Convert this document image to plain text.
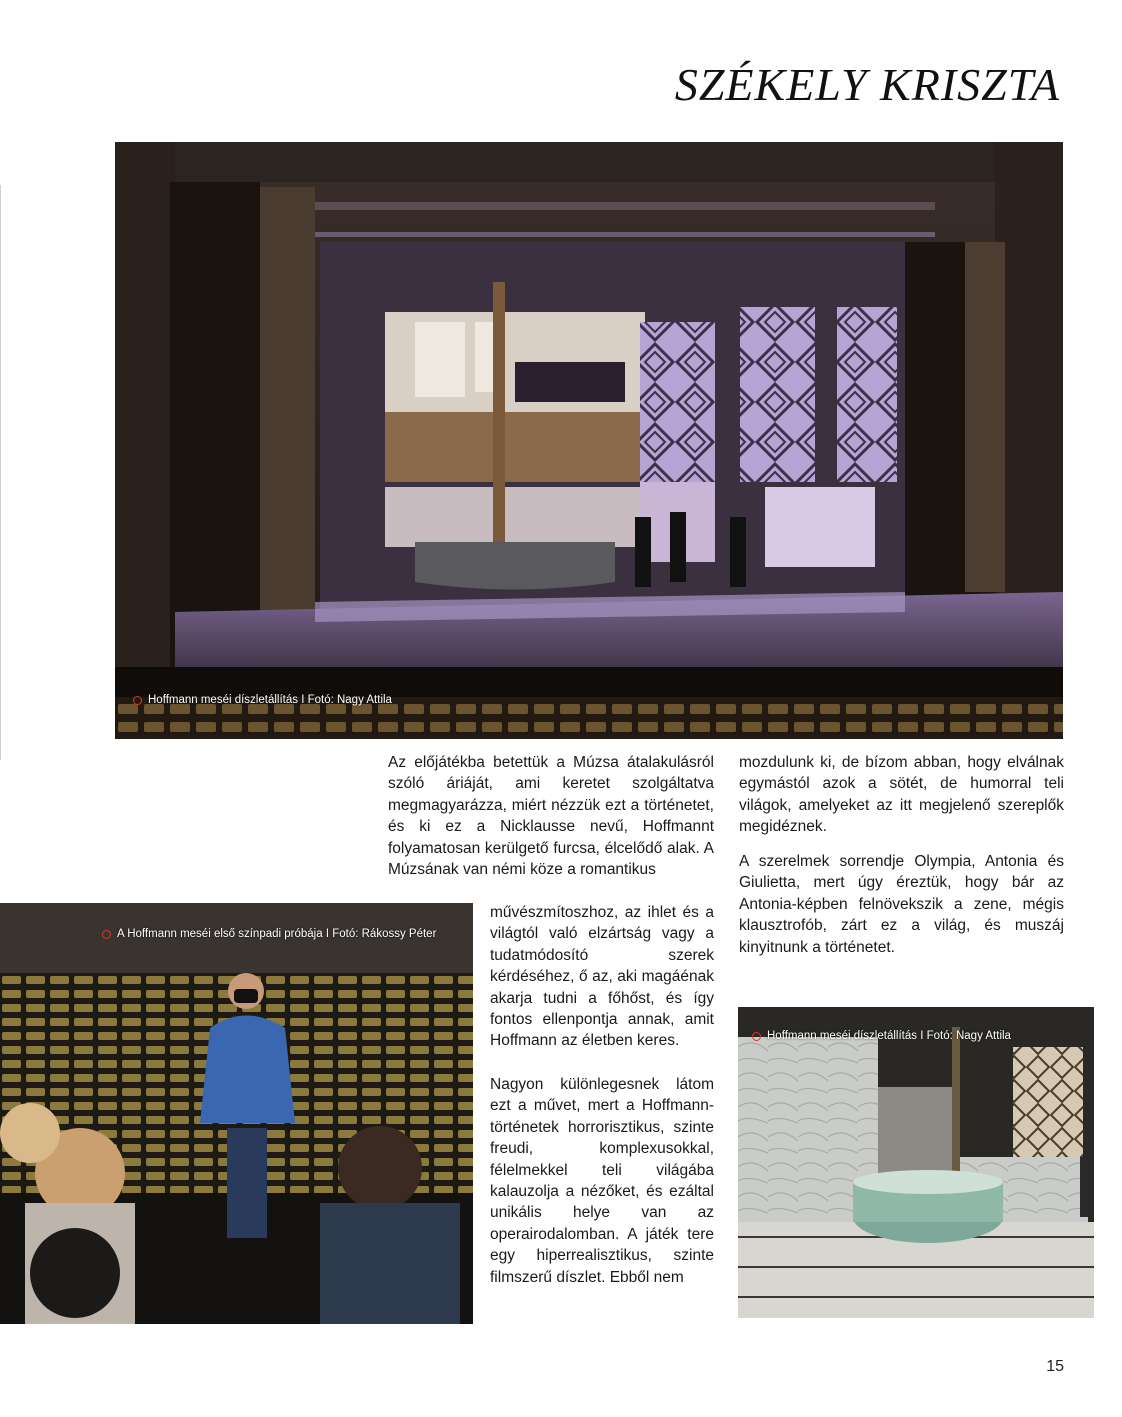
SZÉKELY KRISZTA
Hoffmann meséi díszletállítás I Fotó: Nagy Attila
A Hoffmann meséi első színpadi próbája I Fotó: Rákossy Péter
Hoffmann meséi díszletállítás I Fotó: Nagy Attila

Az előjátékba betettük a Múzsa átalakulásról szóló áriáját, ami keretet szolgáltatva megmagyarázza, miért nézzük ezt a történetet, és ki ez a Nicklausse nevű, Hoffmannt folyamatosan kerülgető furcsa, élcelődő alak. A Múzsának van némi köze a romantikus

művészmítoszhoz, az ihlet és a világtól való elzártság vagy a tudatmódosító szerek kérdéséhez, ő az, aki magáénak akarja tudni a főhőst, és így fontos ellenpontja annak, amit Hoffmann az életben keres.

Nagyon különlegesnek látom ezt a művet, mert a Hoffmann-történetek horrorisztikus, szinte freudi, komplexusokkal, félelmekkel teli világába kalauzolja a nézőket, és ezáltal unikális helye van az operairodalomban. A játék tere egy hiperrealisztikus, szinte filmszerű díszlet. Ebből nem

mozdulunk ki, de bízom abban, hogy elválnak egymástól azok a sötét, de humorral teli világok, amelyeket az itt megjelenő szereplők megidéznek.

A szerelmek sorrendje Olympia, Antonia és Giulietta, mert úgy éreztük, hogy bár az Antonia-képben felnövekszik a zene, mégis klausztrofób, zárt ez a világ, és muszáj kinyitnunk a történetet.

15
